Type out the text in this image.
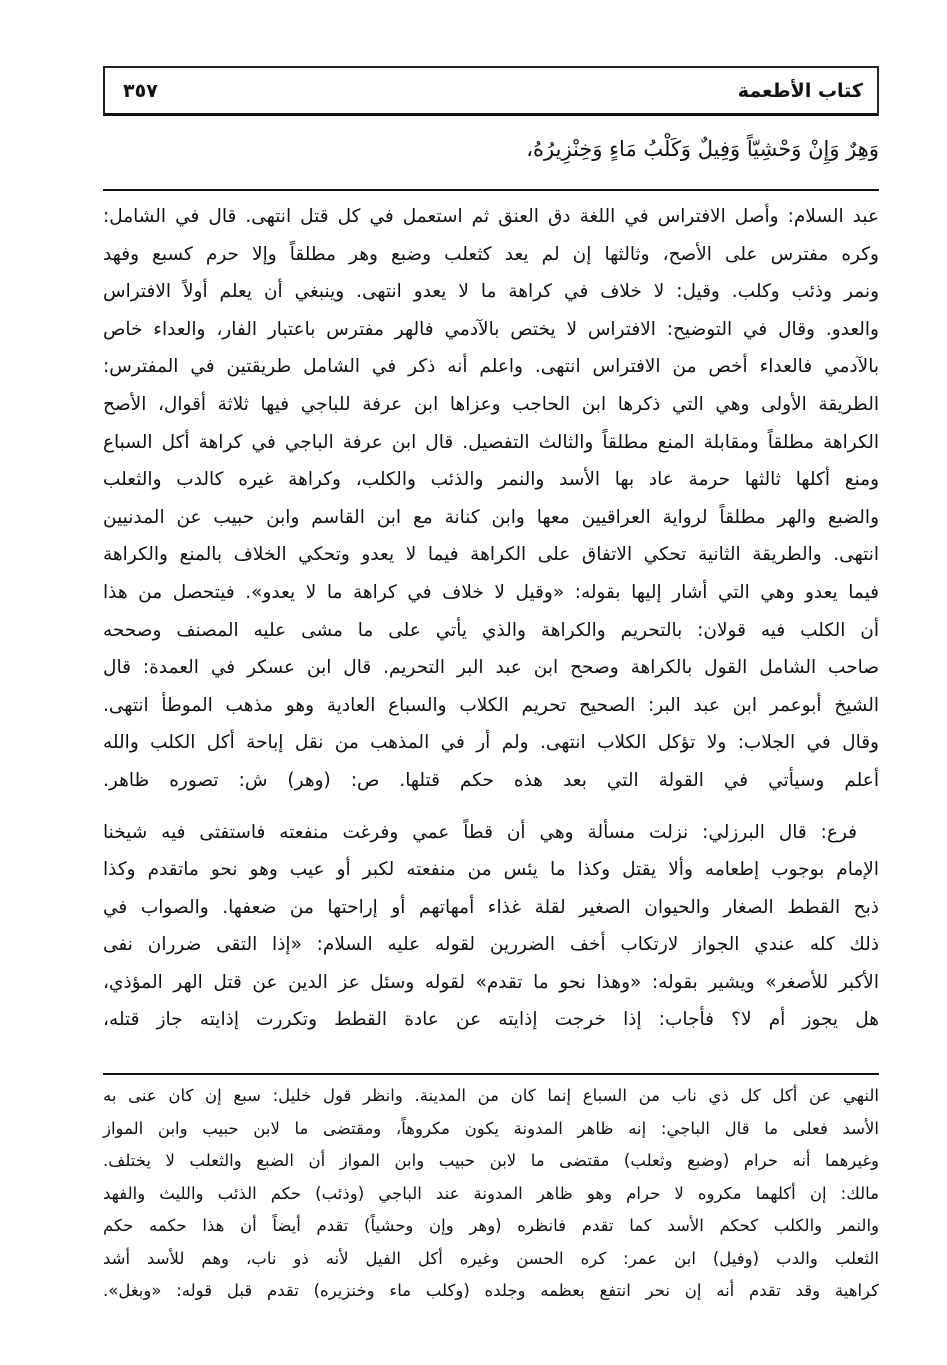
كتاب الأطعمة
٣٥٧
وَهِرٌ وَإِنْ وَحْشِيّاً وَفِيلٌ وَكَلْبُ مَاءٍ وَخِنْزِيرُهُ،
عبد السلام: وأصل الافتراس في اللغة دق العنق ثم استعمل في كل قتل انتهى. قال في الشامل:
وكره مفترس على الأصح، وثالثها إن لم يعد كثعلب وضبع وهر مطلقاً وإلا حرم كسبع وفهد
ونمر وذئب وكلب. وقيل: لا خلاف في كراهة ما لا يعدو انتهى. وينبغي أن يعلم أولاً الافتراس
والعدو. وقال في التوضيح: الافتراس لا يختص بالآدمي فالهر مفترس باعتبار الفار، والعداء خاص
بالآدمي فالعداء أخص من الافتراس انتهى. واعلم أنه ذكر في الشامل طريقتين في المفترس:
الطريقة الأولى وهي التي ذكرها ابن الحاجب وعزاها ابن عرفة للباجي فيها ثلاثة أقوال، الأصح
الكراهة مطلقاً ومقابلة المنع مطلقاً والثالث التفصيل. قال ابن عرفة الباجي في كراهة أكل السباع
ومنع أكلها ثالثها حرمة عاد بها الأسد والنمر والذئب والكلب، وكراهة غيره كالدب والثعلب
والضبع والهر مطلقاً لرواية العراقيين معها وابن كنانة مع ابن القاسم وابن حبيب عن المدنيين
انتهى. والطريقة الثانية تحكي الاتفاق على الكراهة فيما لا يعدو وتحكي الخلاف بالمنع والكراهة
فيما يعدو وهي التي أشار إليها بقوله: «وقيل لا خلاف في كراهة ما لا يعدو». فيتحصل من هذا
أن الكلب فيه قولان: بالتحريم والكراهة والذي يأتي على ما مشى عليه المصنف وصححه
صاحب الشامل القول بالكراهة وصحح ابن عبد البر التحريم. قال ابن عسكر في العمدة: قال
الشيخ أبوعمر ابن عبد البر: الصحيح تحريم الكلاب والسباع العادية وهو مذهب الموطأ انتهى.
وقال في الجلاب: ولا تؤكل الكلاب انتهى. ولم أر في المذهب من نقل إباحة أكل الكلب والله
أعلم وسيأتي في القولة التي بعد هذه حكم قتلها. ص: (وهر) ش: تصوره ظاهر.
فرع: قال البرزلي: نزلت مسألة وهي أن قطاً عمي وفرغت منفعته فاستفتى فيه شيخنا
الإمام بوجوب إطعامه وألا يقتل وكذا ما يئس من منفعته لكبر أو عيب وهو نحو ماتقدم وكذا
ذبح القطط الصغار والحيوان الصغير لقلة غذاء أمهاتهم أو إراحتها من ضعفها. والصواب في
ذلك كله عندي الجواز لارتكاب أخف الضررين لقوله عليه السلام: «إذا التقى ضرران نفى
الأكبر للأصغر» ويشير بقوله: «وهذا نحو ما تقدم» لقوله وسئل عز الدين عن قتل الهر المؤذي،
هل يجوز أم لا؟ فأجاب: إذا خرجت إذايته عن عادة القطط وتكررت إذايته جاز قتله،
النهي عن أكل كل ذي ناب من السباع إنما كان من المدينة. وانظر قول خليل: سبع إن كان عنى به
الأسد فعلى ما قال الباجي: إنه ظاهر المدونة يكون مكروهاً، ومقتضى ما لابن حبيب وابن المواز
وغيرهما أنه حرام (وضبع وثعلب) مقتضى ما لابن حبيب وابن المواز أن الضبع والثعلب لا يختلف.
مالك: إن أكلهما مكروه لا حرام وهو ظاهر المدونة عند الباجي (وذئب) حكم الذئب والليث والفهد
والنمر والكلب كحكم الأسد كما تقدم فانظره (وهر وإن وحشياً) تقدم أيضاً أن هذا حكمه حكم
الثعلب والدب (وفيل) ابن عمر: كره الحسن وغيره أكل الفيل لأنه ذو ناب، وهم للأسد أشد
كراهية وقد تقدم أنه إن نحر انتفع بعظمه وجلده (وكلب ماء وخنزيره) تقدم قبل قوله: «وبغل».
